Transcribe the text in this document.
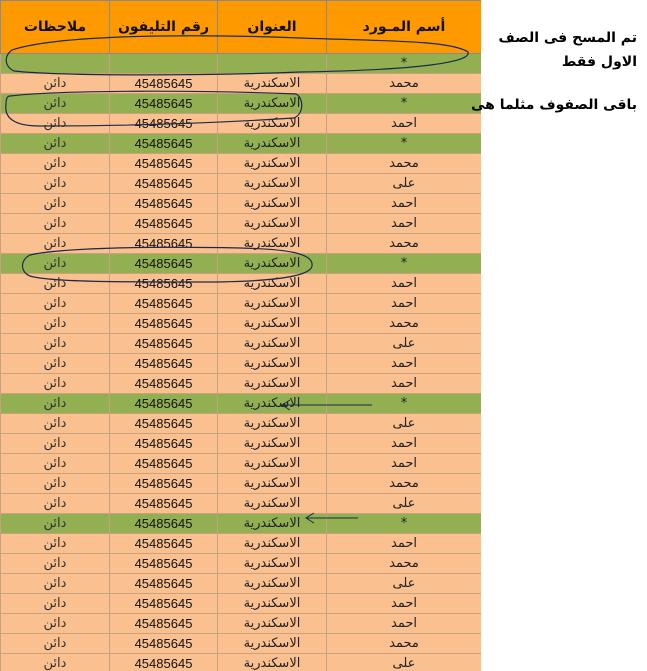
ملاحظات	رقم التليفون	العنوان	أسم المـورد
			*
دائن	45485645	الاسكندرية	محمد
دائن	45485645	الاسكندرية	*
دائن	45485645	الاسكندرية	احمد
دائن	45485645	الاسكندرية	*
دائن	45485645	الاسكندرية	محمد
دائن	45485645	الاسكندرية	على
دائن	45485645	الاسكندرية	احمد
دائن	45485645	الاسكندرية	احمد
دائن	45485645	الاسكندرية	محمد
دائن	45485645	الاسكندرية	*
دائن	45485645	الاسكندرية	احمد
دائن	45485645	الاسكندرية	احمد
دائن	45485645	الاسكندرية	محمد
دائن	45485645	الاسكندرية	على
دائن	45485645	الاسكندرية	احمد
دائن	45485645	الاسكندرية	احمد
دائن	45485645	الاسكندرية	*
دائن	45485645	الاسكندرية	على
دائن	45485645	الاسكندرية	احمد
دائن	45485645	الاسكندرية	احمد
دائن	45485645	الاسكندرية	محمد
دائن	45485645	الاسكندرية	على
دائن	45485645	الاسكندرية	*
دائن	45485645	الاسكندرية	احمد
دائن	45485645	الاسكندرية	محمد
دائن	45485645	الاسكندرية	على
دائن	45485645	الاسكندرية	احمد
دائن	45485645	الاسكندرية	احمد
دائن	45485645	الاسكندرية	محمد
دائن	45485645	الاسكندرية	على
تم المسح فى الصف
الاول فقط
باقى الصفوف مثلما هى
